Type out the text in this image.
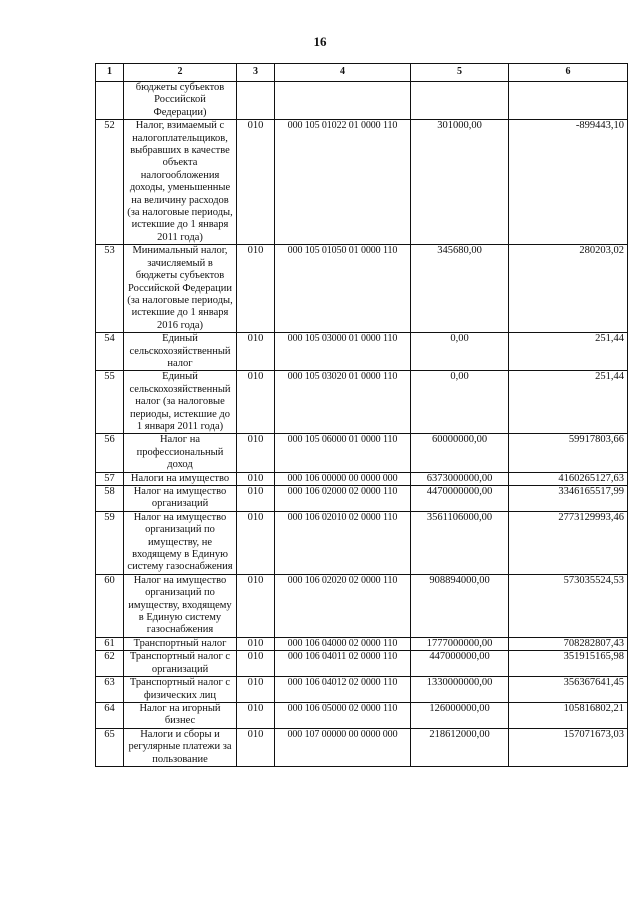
16
1	2	3	4	5	6
	бюджеты субъектов Российской Федерации)				
52	Налог, взимаемый с налогоплательщиков, выбравших в качестве объекта налогообложения доходы, уменьшенные на величину расходов (за налоговые периоды, истекшие до 1 января 2011 года)	010	000 105 01022 01 0000 110	301000,00	-899443,10
53	Минимальный налог, зачисляемый в бюджеты субъектов Российской Федерации (за налоговые периоды, истекшие до 1 января 2016 года)	010	000 105 01050 01 0000 110	345680,00	280203,02
54	Единый сельскохозяйственный налог	010	000 105 03000 01 0000 110	0,00	251,44
55	Единый сельскохозяйственный налог (за налоговые периоды, истекшие до 1 января 2011 года)	010	000 105 03020 01 0000 110	0,00	251,44
56	Налог на профессиональный доход	010	000 105 06000 01 0000 110	60000000,00	59917803,66
57	Налоги на имущество	010	000 106 00000 00 0000 000	6373000000,00	4160265127,63
58	Налог на имущество организаций	010	000 106 02000 02 0000 110	4470000000,00	3346165517,99
59	Налог на имущество организаций по имуществу, не входящему в Единую систему газоснабжения	010	000 106 02010 02 0000 110	3561106000,00	2773129993,46
60	Налог на имущество организаций по имуществу, входящему в Единую систему газоснабжения	010	000 106 02020 02 0000 110	908894000,00	573035524,53
61	Транспортный налог	010	000 106 04000 02 0000 110	1777000000,00	708282807,43
62	Транспортный налог с организаций	010	000 106 04011 02 0000 110	447000000,00	351915165,98
63	Транспортный налог с физических лиц	010	000 106 04012 02 0000 110	1330000000,00	356367641,45
64	Налог на игорный бизнес	010	000 106 05000 02 0000 110	126000000,00	105816802,21
65	Налоги и сборы и регулярные платежи за пользование	010	000 107 00000 00 0000 000	218612000,00	157071673,03
